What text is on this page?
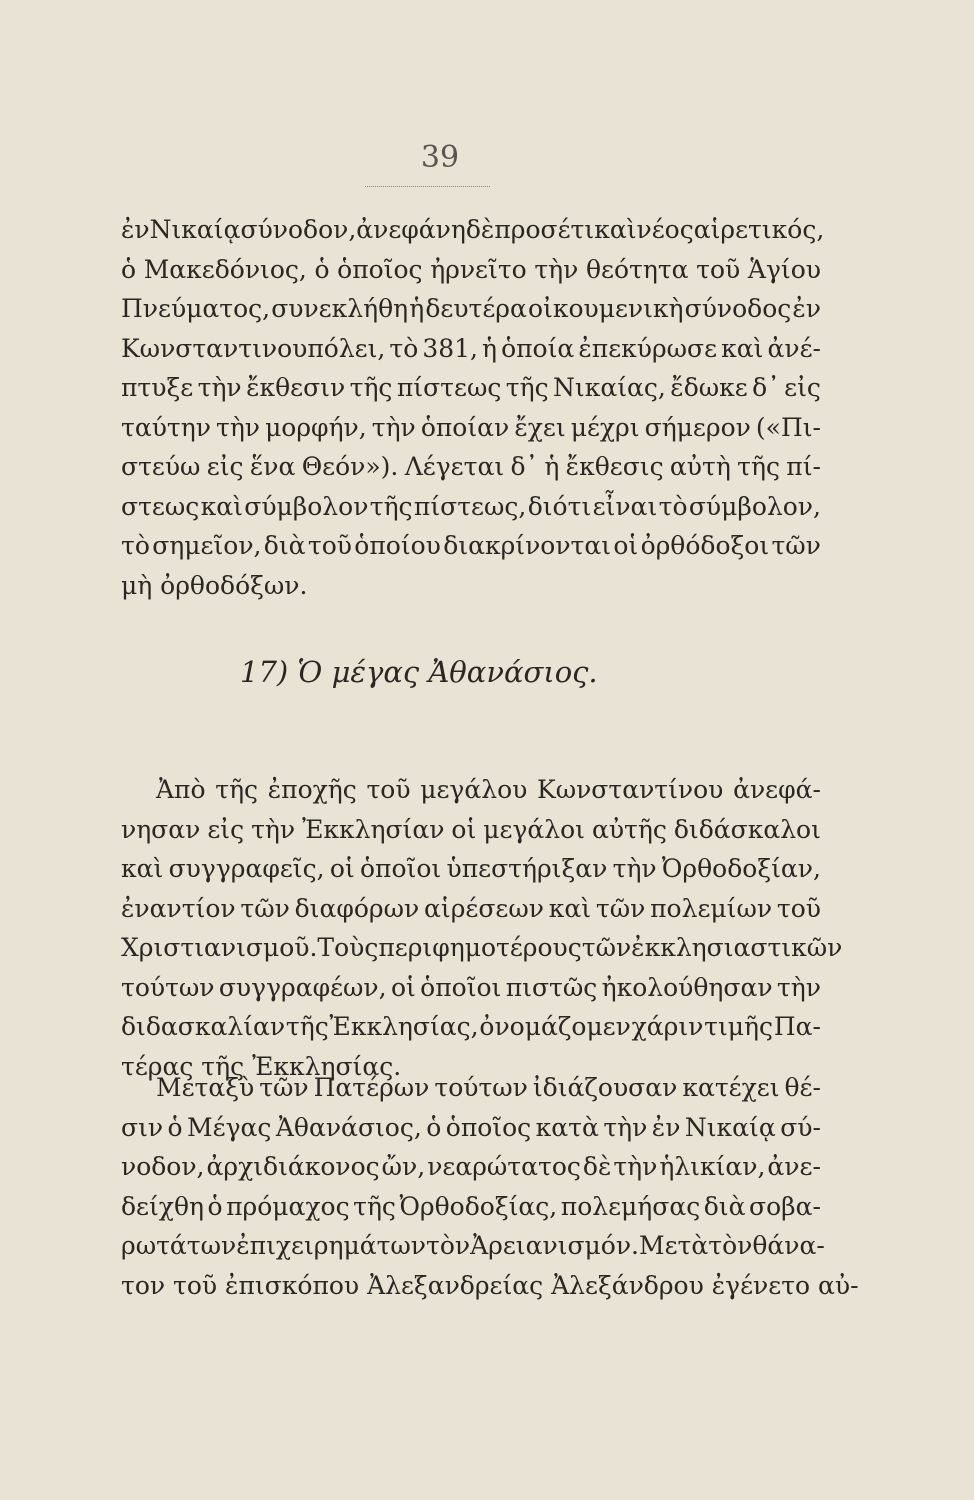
39
ἐν Νικαίᾳ σύνοδον, ἀνεφάνη δὲ προσέτι καὶ νέος αἱρετικός,
ὁ Μακεδόνιος, ὁ ὁποῖος ἠρνεῖτο τὴν θεότητα τοῦ Ἁγίου
Πνεύματος, συνεκλήθη ἡ δευτέρα οἰκουμενικὴ σύνοδος ἐν
Κωνσταντινουπόλει, τὸ 381, ἡ ὁποία ἐπεκύρωσε καὶ ἀνέ-
πτυξε τὴν ἔκθεσιν τῆς πίστεως τῆς Νικαίας, ἔδωκε δ᾽ εἰς
ταύτην τὴν μορφήν, τὴν ὁποίαν ἔχει μέχρι σήμερον («Πι-
στεύω εἰς ἕνα Θεόν»). Λέγεται δ᾽ ἡ ἔκθεσις αὐτὴ τῆς πί-
στεως καὶ σύμβολον τῆς πίστεως, διότι εἶναι τὸ σύμβολον,
τὸ σημεῖον, διὰ τοῦ ὁποίου διακρίνονται οἱ ὀρθόδοξοι τῶν
μὴ ὀρθοδόξων.
17) Ὁ μέγας Ἀθανάσιος.
Ἀπὸ τῆς ἐποχῆς τοῦ μεγάλου Κωνσταντίνου ἀνεφά-
νησαν εἰς τὴν Ἐκκλησίαν οἱ μεγάλοι αὐτῆς διδάσκαλοι
καὶ συγγραφεῖς, οἱ ὁποῖοι ὑπεστήριξαν τὴν Ὀρθοδοξίαν,
ἐναντίον τῶν διαφόρων αἱρέσεων καὶ τῶν πολεμίων τοῦ
Χριστιανισμοῦ. Τοὺς περιφημοτέρους τῶν ἐκκλησιαστικῶν
τούτων συγγραφέων, οἱ ὁποῖοι πιστῶς ἠκολούθησαν τὴν
διδασκαλίαν τῆς Ἐκκλησίας, ὀνομάζομεν χάριν τιμῆς Πα-
τέρας τῆς Ἐκκλησίας.
Μεταξὺ τῶν Πατέρων τούτων ἰδιάζουσαν κατέχει θέ-
σιν ὁ Μέγας Ἀθανάσιος, ὁ ὁποῖος κατὰ τὴν ἐν Νικαίᾳ σύ-
νοδον, ἀρχιδιάκονος ὤν, νεαρώτατος δὲ τὴν ἡλικίαν, ἀνε-
δείχθη ὁ πρόμαχος τῆς Ὀρθοδοξίας, πολεμήσας διὰ σοβα-
ρωτάτων ἐπιχειρημάτων τὸν Ἀρειανισμόν. Μετὰ τὸν θάνα-
τον τοῦ ἐπισκόπου Ἀλεξανδρείας Ἀλεξάνδρου ἐγένετο αὐ-
